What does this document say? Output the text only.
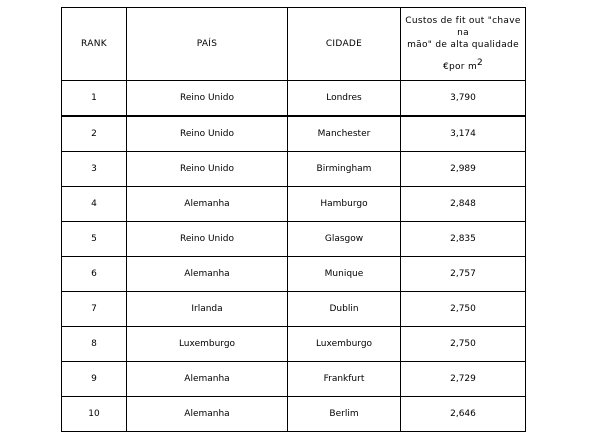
RANK	PAÍS	CIDADE	Custos de fit out "chave na
mão" de alta qualidade
€por $m^2$

1	Reino Unido	Londres	3,790
2	Reino Unido	Manchester	3,174
3	Reino Unido	Birmingham	2,989
4	Alemanha	Hamburgo	2,848
5	Reino Unido	Glasgow	2,835
6	Alemanha	Munique	2,757
7	Irlanda	Dublin	2,750
8	Luxemburgo	Luxemburgo	2,750
9	Alemanha	Frankfurt	2,729
10	Alemanha	Berlim	2,646
